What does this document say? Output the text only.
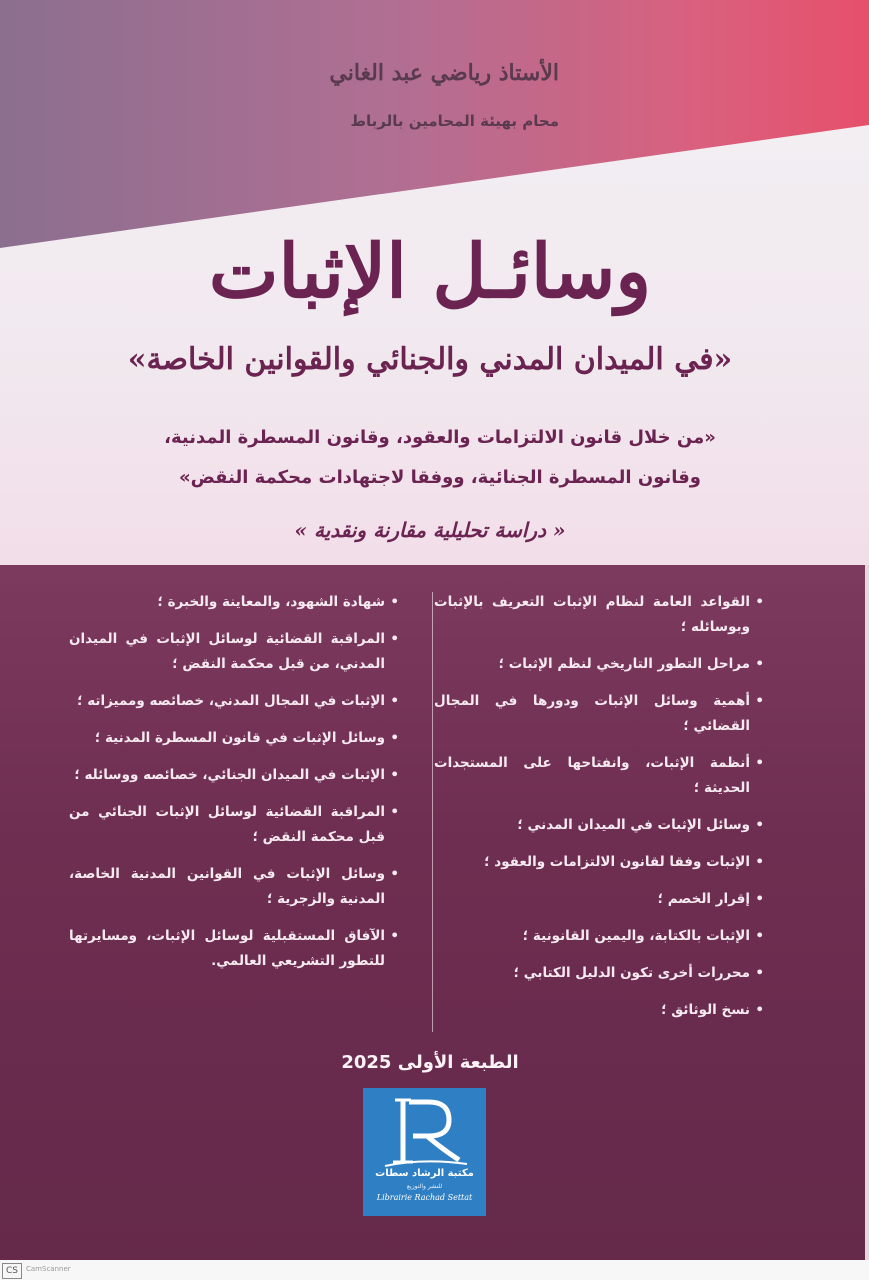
الأستاذ رياضي عبد الغاني
محام بهيئة المحامين بالرباط
وسائـل الإثبات
«في الميدان المدني والجنائي والقوانين الخاصة»
«من خلال قانون الالتزامات والعقود، وقانون المسطرة المدنية،
وقانون المسطرة الجنائية، ووفقا لاجتهادات محكمة النقض»
« دراسة تحليلية مقارنة ونقدية »
• القواعد العامة لنظام الإثبات التعريف بالإثبات وبوسائله ؛
• مراحل التطور التاريخي لنظم الإثبات ؛
• أهمية وسائل الإثبات ودورها في المجال القضائي ؛
• أنظمة الإثبات، وانفتاحها على المستجدات الحديثة ؛
• وسائل الإثبات في الميدان المدني ؛
• الإثبات وفقا لقانون الالتزامات والعقود ؛
• إقرار الخصم ؛
• الإثبات بالكتابة، واليمين القانونية ؛
• محررات أخرى تكون الدليل الكتابي ؛
• نسخ الوثائق ؛
• شهادة الشهود، والمعاينة والخبرة ؛
• المراقبة القضائية لوسائل الإثبات في الميدان المدني، من قبل محكمة النقض ؛
• الإثبات في المجال المدني، خصائصه ومميزاته ؛
• وسائل الإثبات في قانون المسطرة المدنية ؛
• الإثبات في الميدان الجنائي، خصائصه ووسائله ؛
• المراقبة القضائية لوسائل الإثبات الجنائي من قبل محكمة النقض ؛
• وسائل الإثبات في القوانين المدنية الخاصة، المدنية والزجرية ؛
• الآفاق المستقبلية لوسائل الإثبات، ومسايرتها للتطور التشريعي العالمي.
الطبعة الأولى 2025
مكتبة الرشاد سطات
للنشر والتوزيع
Librairie Rachad Settat
CS	CamScanner
